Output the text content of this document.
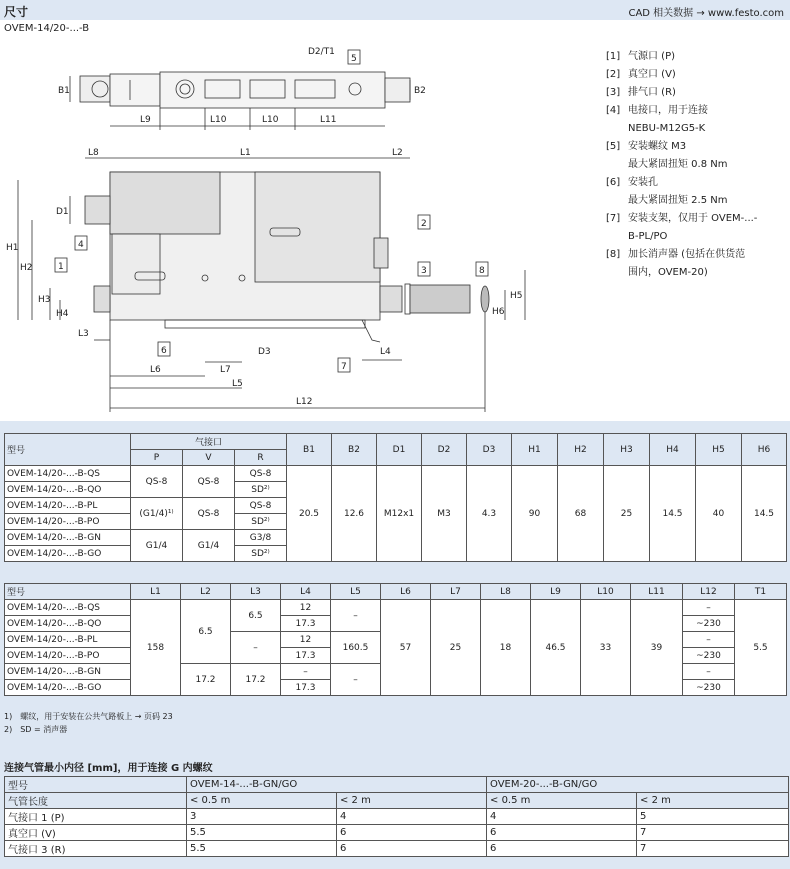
尺寸	CAD 相关数据 → www.festo.com
OVEM-14/20-...-B
B1	B2
D2/T1
L9	L10	L10	L11
L8	L1	L2
D1
H1
H2
H3
H4
H5
H6
L3
D3	L4
L6	L7
L5
L12
5
2
3
4
1
6
7
8
[1] 气源口 (P)
[2] 真空口 (V)
[3] 排气口 (R)
[4] 电接口，用于连接
NEBU-M12G5-K
[5] 安装螺纹 M3
最大紧固扭矩 0.8 Nm
[6] 安装孔
最大紧固扭矩 2.5 Nm
[7] 安装支架，仅用于 OVEM-...-
B-PL/PO
[8] 加长消声器 (包括在供货范
围内，OVEM-20)
型号	气接口			B1	B2	D1	D2	D3	H1	H2	H3	H4	H5	H6
	P	V	R											
OVEM-14/20-...-B-QS	QS-8	QS-8	QS-8	20.5	12.6	M12x1	M3	4.3	90	68	25	14.5	40	14.5
OVEM-14/20-...-B-QO			SD²⁾											
OVEM-14/20-...-B-PL	(G1/4)¹⁾	QS-8	QS-8											
OVEM-14/20-...-B-PO			SD²⁾											
OVEM-14/20-...-B-GN	G1/4	G1/4	G3/8											
OVEM-14/20-...-B-GO			SD²⁾											
型号	L1	L2	L3	L4	L5	L6	L7	L8	L9	L10	L11	L12	T1
OVEM-14/20-...-B-QS	158	6.5	6.5	12	–	57	25	18	46.5	33	39	–	5.5
OVEM-14/20-...-B-QO				17.3								~230	
OVEM-14/20-...-B-PL			–	12	160.5							–	
OVEM-14/20-...-B-PO				17.3								~230	
OVEM-14/20-...-B-GN		17.2	17.2	–	–							–	
OVEM-14/20-...-B-GO				17.3								~230	
1)　螺纹，用于安装在公共气路板上 → 页码 23
2)　SD = 消声器
连接气管最小内径 [mm]，用于连接 G 内螺纹
型号	OVEM-14-...-B-GN/GO		OVEM-20-...-B-GN/GO	
气管长度	< 0.5 m	< 2 m	< 0.5 m	< 2 m
气接口 1 (P)	3	4	4	5
真空口 (V)	5.5	6	6	7
气接口 3 (R)	5.5	6	6	7
